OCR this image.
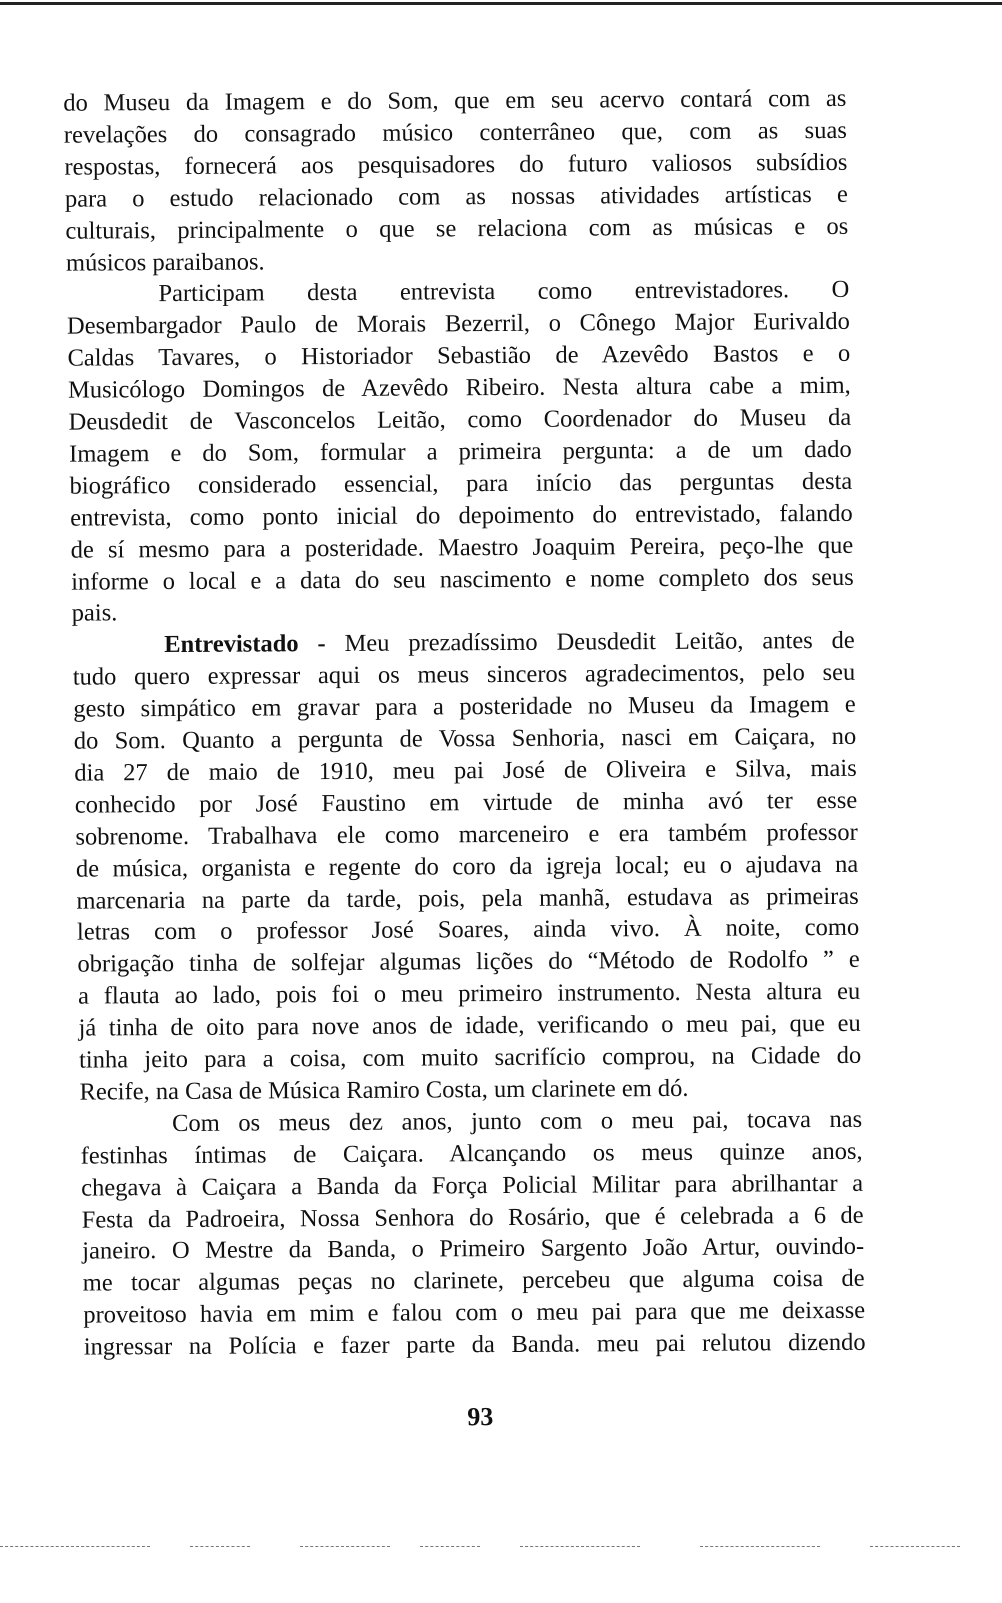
93
do Museu da Imagem e do Som, que em seu acervo contará com as
revelações do consagrado músico conterrâneo que, com as suas
respostas, fornecerá aos pesquisadores do futuro valiosos subsídios
para o estudo relacionado com as nossas atividades artísticas e
culturais, principalmente o que se relaciona com as músicas e os
músicos paraibanos.
Participam desta entrevista como entrevistadores. O
Desembargador Paulo de Morais Bezerril, o Cônego Major Eurivaldo
Caldas Tavares, o Historiador Sebastião de Azevêdo Bastos e o
Musicólogo Domingos de Azevêdo Ribeiro. Nesta altura cabe a mim,
Deusdedit de Vasconcelos Leitão, como Coordenador do Museu da
Imagem e do Som, formular a primeira pergunta: a de um dado
biográfico considerado essencial, para início das perguntas desta
entrevista, como ponto inicial do depoimento do entrevistado, falando
de sí mesmo para a posteridade. Maestro Joaquim Pereira, peço-lhe que
informe o local e a data do seu nascimento e nome completo dos seus
pais.
Entrevistado - Meu prezadíssimo Deusdedit Leitão, antes de
tudo quero expressar aqui os meus sinceros agradecimentos, pelo seu
gesto simpático em gravar para a posteridade no Museu da Imagem e
do Som. Quanto a pergunta de Vossa Senhoria, nasci em Caiçara, no
dia 27 de maio de 1910, meu pai José de Oliveira e Silva, mais
conhecido por José Faustino em virtude de minha avó ter esse
sobrenome. Trabalhava ele como marceneiro e era também professor
de música, organista e regente do coro da igreja local; eu o ajudava na
marcenaria na parte da tarde, pois, pela manhã, estudava as primeiras
letras com o professor José Soares, ainda vivo. À noite, como
obrigação tinha de solfejar algumas lições do “Método de Rodolfo ” e
a flauta ao lado, pois foi o meu primeiro instrumento. Nesta altura eu
já tinha de oito para nove anos de idade, verificando o meu pai, que eu
tinha jeito para a coisa, com muito sacrifício comprou, na Cidade do
Recife, na Casa de Música Ramiro Costa, um clarinete em dó.
Com os meus dez anos, junto com o meu pai, tocava nas
festinhas íntimas de Caiçara. Alcançando os meus quinze anos,
chegava à Caiçara a Banda da Força Policial Militar para abrilhantar a
Festa da Padroeira, Nossa Senhora do Rosário, que é celebrada a 6 de
janeiro. O Mestre da Banda, o Primeiro Sargento João Artur, ouvindo-
me tocar algumas peças no clarinete, percebeu que alguma coisa de
proveitoso havia em mim e falou com o meu pai para que me deixasse
ingressar na Polícia e fazer parte da Banda. meu pai relutou dizendo
